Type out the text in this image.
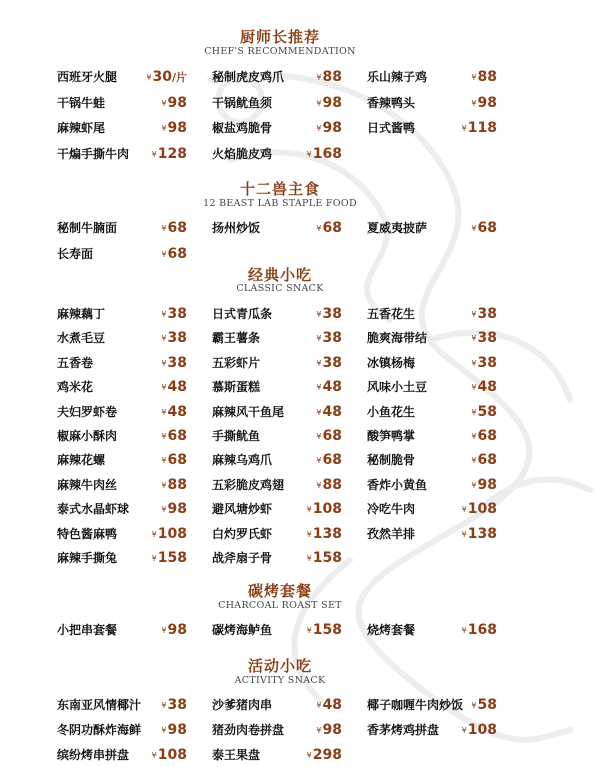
厨师长推荐
CHEF'S RECOMMENDATION
西班牙火腿	¥30/片 秘制虎皮鸡爪	¥88 乐山辣子鸡	¥88
干锅牛蛙	¥98 干锅鱿鱼须	¥98 香辣鸭头	¥98
麻辣虾尾	¥98 椒盐鸡脆骨	¥98 日式酱鸭	¥118
干煸手撕牛肉	¥128 火焰脆皮鸡	¥168
十二兽主食
12 BEAST LAB STAPLE FOOD
秘制牛腩面	¥68 扬州炒饭	¥68 夏威夷披萨	¥68
长寿面	¥68
经典小吃
CLASSIC SNACK
麻辣藕丁	¥38 日式青瓜条	¥38 五香花生	¥38
水煮毛豆	¥38 霸王薯条	¥38 脆爽海带结	¥38
五香卷	¥38 五彩虾片	¥38 冰镇杨梅	¥38
鸡米花	¥48 慕斯蛋糕	¥48 风味小土豆	¥48
夫妇罗虾卷	¥48 麻辣风干鱼尾	¥48 小鱼花生	¥58
椒麻小酥肉	¥68 手撕鱿鱼	¥68 酸笋鸭掌	¥68
麻辣花螺	¥68 麻辣乌鸡爪	¥68 秘制脆骨	¥68
麻辣牛肉丝	¥88 五彩脆皮鸡翅	¥88 香炸小黄鱼	¥98
泰式水晶虾球	¥98 避风塘炒虾	¥108 冷吃牛肉	¥108
特色酱麻鸭	¥108 白灼罗氏虾	¥138 孜然羊排	¥138
麻辣手撕兔	¥158 战斧扇子骨	¥158
碳烤套餐
CHARCOAL ROAST SET
小把串套餐	¥98 碳烤海鲈鱼	¥158 烧烤套餐	¥168
活动小吃
ACTIVITY SNACK
东南亚风情椰汁	¥38 沙爹猪肉串	¥48 椰子咖喱牛肉炒饭 ¥58
冬阴功酥炸海鲜	¥98 猪劲肉卷拼盘	¥98 香茅烤鸡拼盘	¥108
缤纷烤串拼盘	¥108 泰王果盘	¥298
